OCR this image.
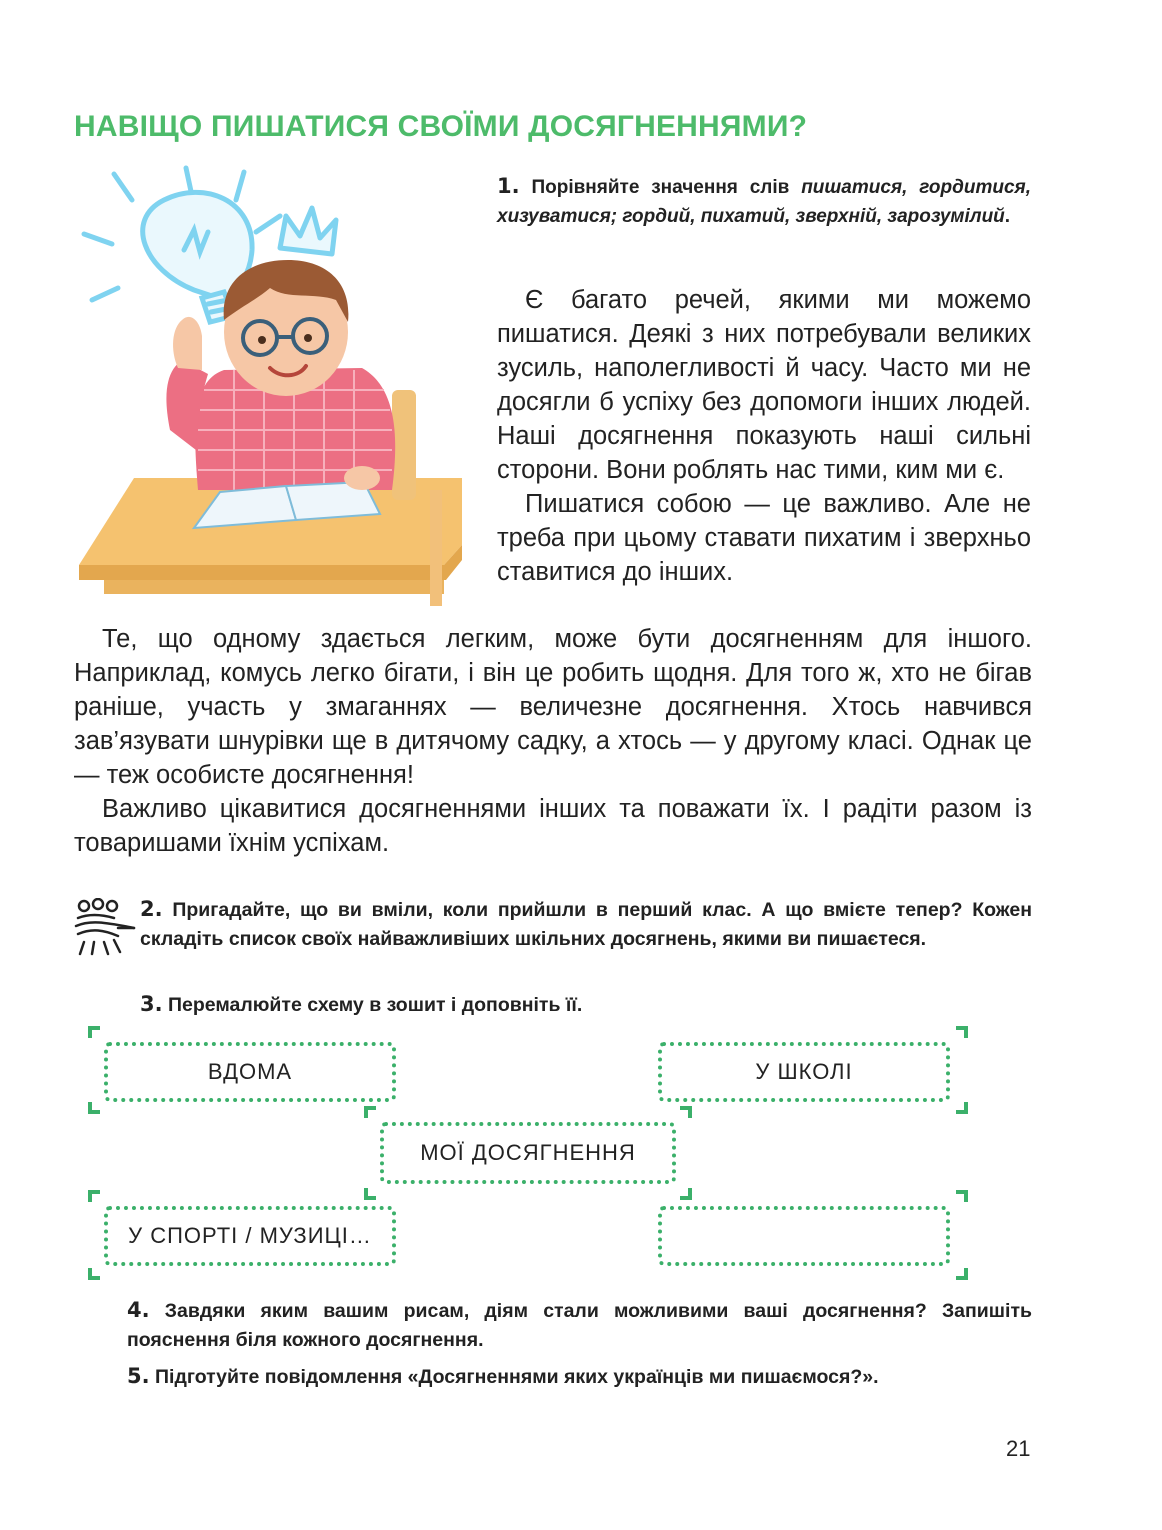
НАВІЩО ПИШАТИСЯ СВОЇМИ ДОСЯГНЕННЯМИ?
1. Порівняйте значення слів пишатися, гордитися, хизуватися; гордий, пихатий, зверхній, зарозумілий.
Є багато речей, якими ми можемо пишатися. Деякі з них потребували великих зусиль, наполегливості й часу. Часто ми не досягли б успіху без допомоги інших людей. Наші досягнення показують наші сильні сторони. Вони роблять нас тими, ким ми є.
Пишатися собою — це важливо. Але не треба при цьому ставати пихатим і зверхньо ставитися до інших.
Те, що одному здається легким, може бути досягненням для іншого. Наприклад, комусь легко бігати, і він це робить щодня. Для того ж, хто не бігав раніше, участь у змаганнях — величезне досягнення. Хтось навчився зав’язувати шнурівки ще в дитячому садку, а хтось — у другому класі. Однак це — теж особисте досягнення!
Важливо цікавитися досягненнями інших та поважати їх. І радіти разом із товаришами їхнім успіхам.
2. Пригадайте, що ви вміли, коли прийшли в перший клас. А що вмієте тепер? Кожен складіть список своїх найважливіших шкільних досягнень, якими ви пишаєтеся.
3. Перемалюйте схему в зошит і доповніть її.
ВДОМА	У ШКОЛІ
МОЇ ДОСЯГНЕННЯ
У СПОРТІ / МУЗИЦІ…
4. Завдяки яким вашим рисам, діям стали можливими ваші досягнення? Запишіть пояснення біля кожного досягнення.
5. Підготуйте повідомлення «Досягненнями яких українців ми пишаємося?».
21
